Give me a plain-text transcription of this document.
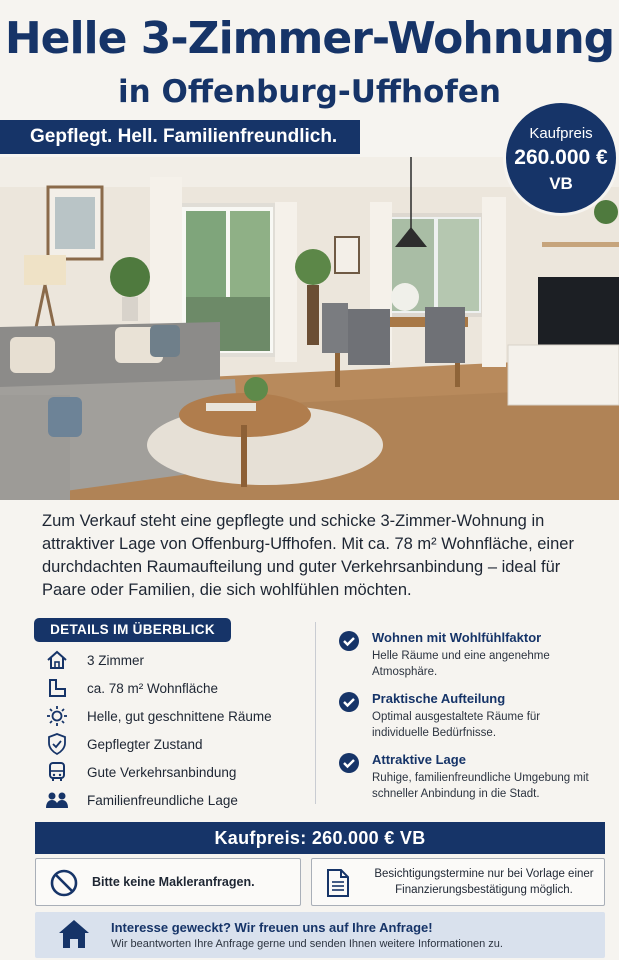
Helle 3-Zimmer-Wohnung
in Offenburg-Uffhofen
Gepflegt. Hell. Familienfreundlich.	Kaufpreis
260.000 €
VB
Zum Verkauf steht eine gepflegte und schicke 3-Zimmer-Wohnung in attraktiver Lage von Offenburg-Uffhofen. Mit ca. 78 m² Wohnfläche, einer durchdachten Raumaufteilung und guter Verkehrsanbindung – ideal für Paare oder Familien, die sich wohlfühlen möchten.
DETAILS IM ÜBERBLICK
3 Zimmer
ca. 78 m² Wohnfläche
Helle, gut geschnittene Räume
Gepflegter Zustand
Gute Verkehrsanbindung
Familienfreundliche Lage
Wohnen mit Wohlfühlfaktor
Helle Räume und eine angenehme Atmosphäre.
Praktische Aufteilung
Optimal ausgestaltete Räume für individuelle Bedürfnisse.
Attraktive Lage
Ruhige, familienfreundliche Umgebung mit schneller Anbindung in die Stadt.
Kaufpreis: 260.000 € VB
Bitte keine Makleranfragen.
Besichtigungstermine nur bei Vorlage einer Finanzierungsbestätigung möglich.
Interesse geweckt? Wir freuen uns auf Ihre Anfrage!
Wir beantworten Ihre Anfrage gerne und senden Ihnen weitere Informationen zu.
